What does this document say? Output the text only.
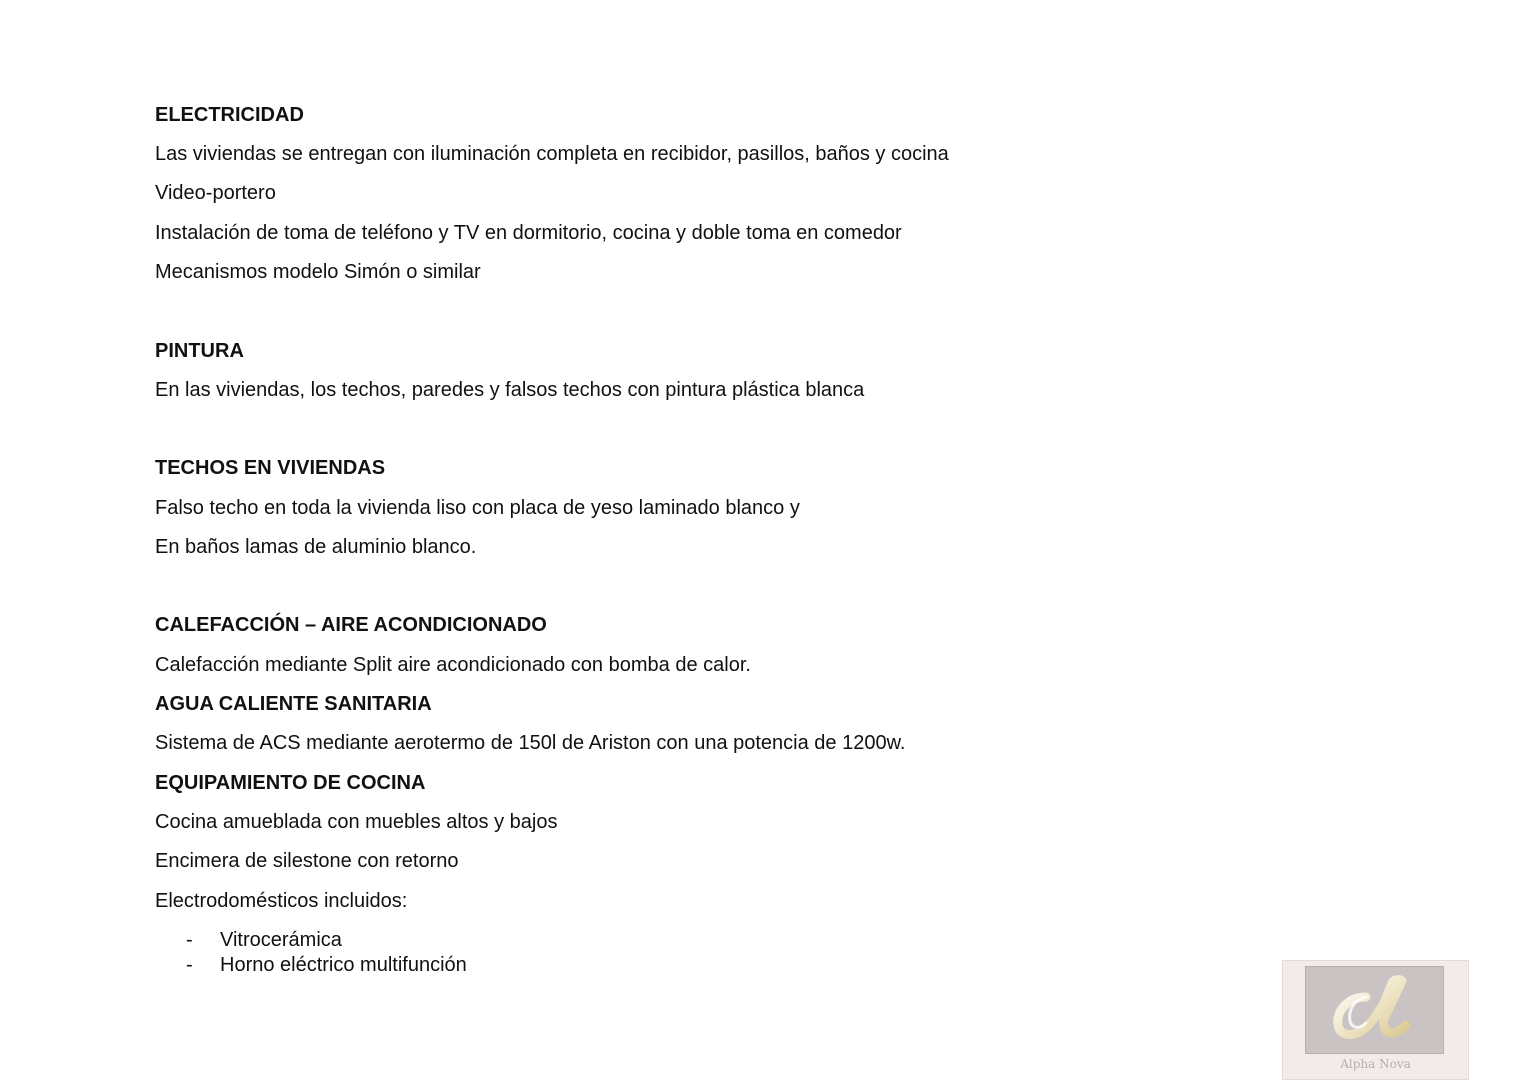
ELECTRICIDAD

Las viviendas se entregan con iluminación completa en recibidor, pasillos, baños y cocina

Video-portero

Instalación de toma de teléfono y TV en dormitorio, cocina y doble toma en comedor

Mecanismos modelo Simón o similar

PINTURA

En las viviendas, los techos, paredes y falsos techos con pintura plástica blanca

TECHOS EN VIVIENDAS

Falso techo en toda la vivienda liso con placa de yeso laminado blanco y

En baños lamas de aluminio blanco.

CALEFACCIÓN – AIRE ACONDICIONADO

Calefacción mediante Split aire acondicionado con bomba de calor.

AGUA CALIENTE SANITARIA

Sistema de ACS mediante aerotermo de 150l de Ariston con una potencia de 1200w.

EQUIPAMIENTO DE COCINA

Cocina amueblada con muebles altos y bajos

Encimera de silestone con retorno

Electrodomésticos incluidos:

- Vitrocerámica
- Horno eléctrico multifunción
Alpha Nova
